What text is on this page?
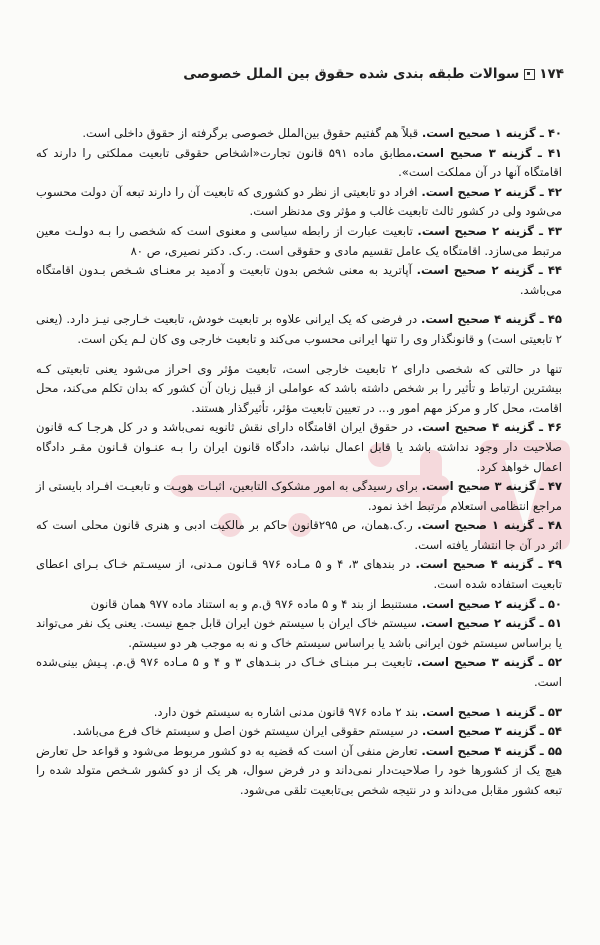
۱۷۴
سوالات طبقه بندی شده حقوق بین الملل خصوصی
۴۰ ـ گزینه ۱ صحیح است. قبلاً هم گفتیم حقوق بین‌الملل خصوصی برگرفته از حقوق داخلی است.
۴۱ ـ گزینه ۳ صحیح است.مطابق ماده ۵۹۱ قانون تجارت«اشخاص حقوقی تابعیت مملکتی را دارند که اقامتگاه آنها در آن مملکت است».
۴۲ ـ گزینه ۲ صحیح است. افراد دو تابعیتی از نظر دو کشوری که تابعیت آن را دارند تبعه آن دولت محسوب می‌شود ولی در کشور ثالث تابعیت غالب و مؤثر وی مدنظر است.
۴۳ ـ گزینه ۲ صحیح است. تابعیت عبارت از رابطه سیاسی و معنوی است که شخصی را بـه دولـت معین مرتبط می‌سازد. اقامتگاه یک عامل تقسیم مادی و حقوقی است. ر.ک. دکتر نصیری، ص ۸۰
۴۴ ـ گزینه ۲ صحیح است. آپاترید به معنی شخص بدون تابعیت و آدمید بر معنـای شـخص بـدون اقامتگاه می‌باشد.
۴۵ ـ گزینه ۴ صحیح است. در فرضی که یک ایرانی علاوه بر تابعیت خودش، تابعیت خـارجی نیـز دارد. (یعنی ۲ تابعیتی است) و قانونگذار وی را تنها ایرانی محسوب می‌کند و تابعیت خارجی وی کان لـم یکن است.
تنها در حالتی که شخصی دارای ۲ تابعیت خارجی است، تابعیت مؤثر وی احراز می‌شود یعنی تابعیتی کـه بیشترین ارتباط و تأثیر را بر شخص داشته باشد که عواملی از قبیل زبان آن کشور که بدان تکلم می‌کند، محل اقامت، محل کار و مرکز مهم امور و... در تعیین تابعیت مؤثر، تأثیرگذار هستند.
۴۶ ـ گزینه ۴ صحیح است. در حقوق ایران اقامتگاه دارای نقش ثانویه نمی‌باشد و در کل هرجـا کـه قانون صلاحیت دار وجود نداشته باشد یا قابل اعمال نباشد، دادگاه قانون ایران را بـه عنـوان قـانون مقـر دادگاه اعمال خواهد کرد.
۴۷ ـ گزینه ۳ صحیح است. برای رسیدگی به امور مشکوک التابعین، اثبـات هویـت و تابعیـت افـراد بایستی از مراجع انتظامی استعلام مرتبط اخذ نمود.
۴۸ ـ گزینه ۱ صحیح است. ر.ک.همان، ص ۲۹۵قانون حاکم بر مالکیت ادبی و هنری قانون محلی است که اثر در آن جا انتشار یافته است.
۴۹ ـ گزینه ۴ صحیح است. در بندهای ۳، ۴ و ۵ مـاده ۹۷۶ قـانون مـدنی، از سیسـتم خـاک بـرای اعطای تابعیت استفاده شده است.
۵۰ ـ گزینه ۲ صحیح است. مستنبط از بند ۴ و ۵ ماده ۹۷۶ ق.م و به استناد ماده ۹۷۷ همان قانون
۵۱ ـ گزینه ۲ صحیح است. سیستم خاک ایران با سیستم خون ایران قابل جمع نیست. یعنی یک نفر می‌تواند یا براساس سیستم خون ایرانی باشد یا براساس سیستم خاک و نه به موجب هر دو سیستم.
۵۲ ـ گزینه ۳ صحیح است. تابعیت بـر مبنـای خـاک در بنـدهای ۳ و ۴ و ۵ مـاده ۹۷۶ ق.م. پـیش بینی‌شده است.
۵۳ ـ گزینه ۱ صحیح است. بند ۲ ماده ۹۷۶ قانون مدنی اشاره به سیستم خون دارد.
۵۴ ـ گزینه ۳ صحیح است. در سیستم حقوقی ایران سیستم خون اصل و سیستم خاک فرع می‌باشد.
۵۵ ـ گزینه ۴ صحیح است. تعارض منفی آن است که قضیه به دو کشور مربوط می‌شود و قواعد حل تعارض هیچ یک از کشورها خود را صلاحیت‌دار نمی‌داند و در فرض سوال، هر یک از دو کشور شـخص متولد شده را تبعه کشور مقابل می‌داند و در نتیجه شخص بی‌تابعیت تلقی می‌شود.
